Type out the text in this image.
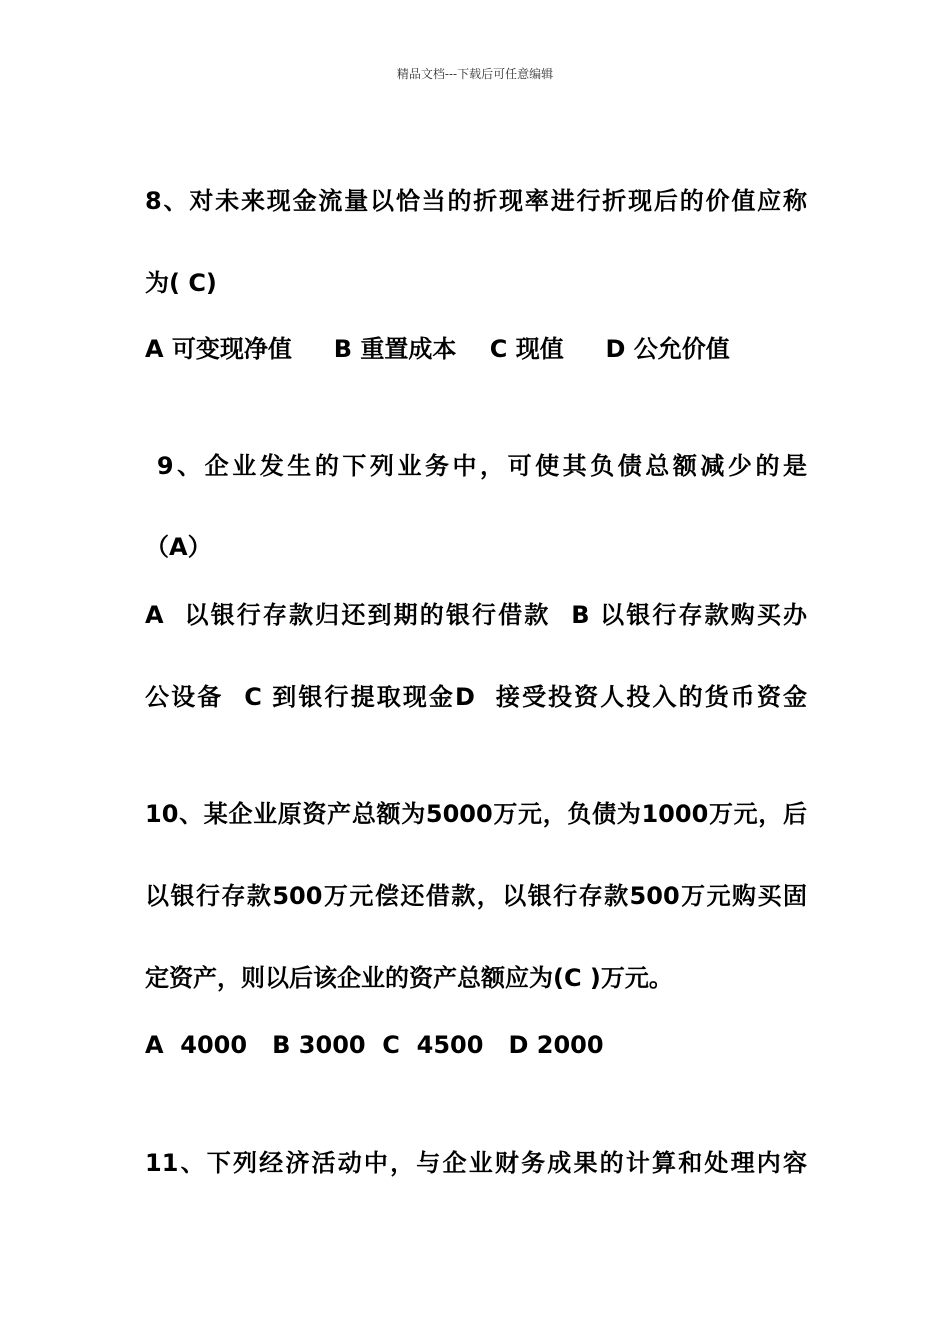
精品文档---下载后可任意编辑
8、对未来现金流量以恰当的折现率进行折现后的价值应称
为( C)
A 可变现净值     B 重置成本    C 现值     D 公允价值
9、企业发生的下列业务中，可使其负债总额减少的是
（A）
A  以银行存款归还到期的银行借款  B 以银行存款购买办
公设备  C 到银行提取现金D  接受投资人投入的货币资金
10、某企业原资产总额为5000万元，负债为1000万元，后
以银行存款500万元偿还借款，以银行存款500万元购买固
定资产，则以后该企业的资产总额应为(C )万元。
A  4000   B 3000  C  4500   D 2000
11、下列经济活动中，与企业财务成果的计算和处理内容
